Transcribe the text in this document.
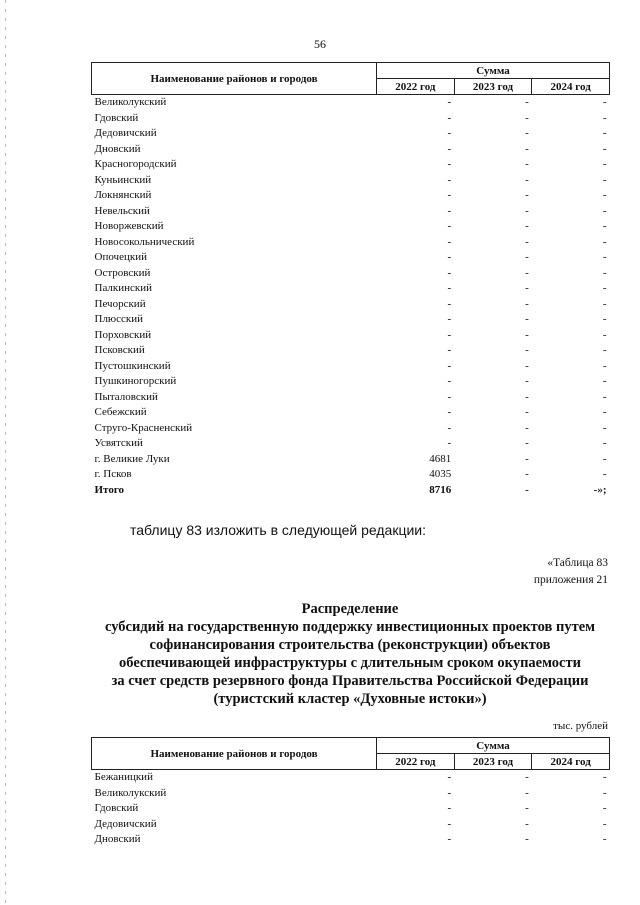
56
Наименование районов и городов	Сумма		
	2022 год	2023 год	2024 год
Великолукский	-	-	-
Гдовский	-	-	-
Дедовичский	-	-	-
Дновский	-	-	-
Красногородский	-	-	-
Куньинский	-	-	-
Локнянский	-	-	-
Невельский	-	-	-
Новоржевский	-	-	-
Новосокольнический	-	-	-
Опочецкий	-	-	-
Островский	-	-	-
Палкинский	-	-	-
Печорский	-	-	-
Плюсский	-	-	-
Порховский	-	-	-
Псковский	-	-	-
Пустошкинский	-	-	-
Пушкиногорский	-	-	-
Пыталовский	-	-	-
Себежский	-	-	-
Струго-Красненский	-	-	-
Усвятский	-	-	-
г. Великие Луки	4681	-	-
г. Псков	4035	-	-
Итого	8716	-	-»;
таблицу 83 изложить в следующей редакции:
«Таблица 83
приложения 21
Распределение
субсидий на государственную поддержку инвестиционных проектов путем
софинансирования строительства (реконструкции) объектов
обеспечивающей инфраструктуры с длительным сроком окупаемости
за счет средств резервного фонда Правительства Российской Федерации
(туристский кластер «Духовные истоки»)
тыс. рублей
Наименование районов и городов	Сумма		
	2022 год	2023 год	2024 год
Бежаницкий	-	-	-
Великолукский	-	-	-
Гдовский	-	-	-
Дедовичский	-	-	-
Дновский	-	-	-
